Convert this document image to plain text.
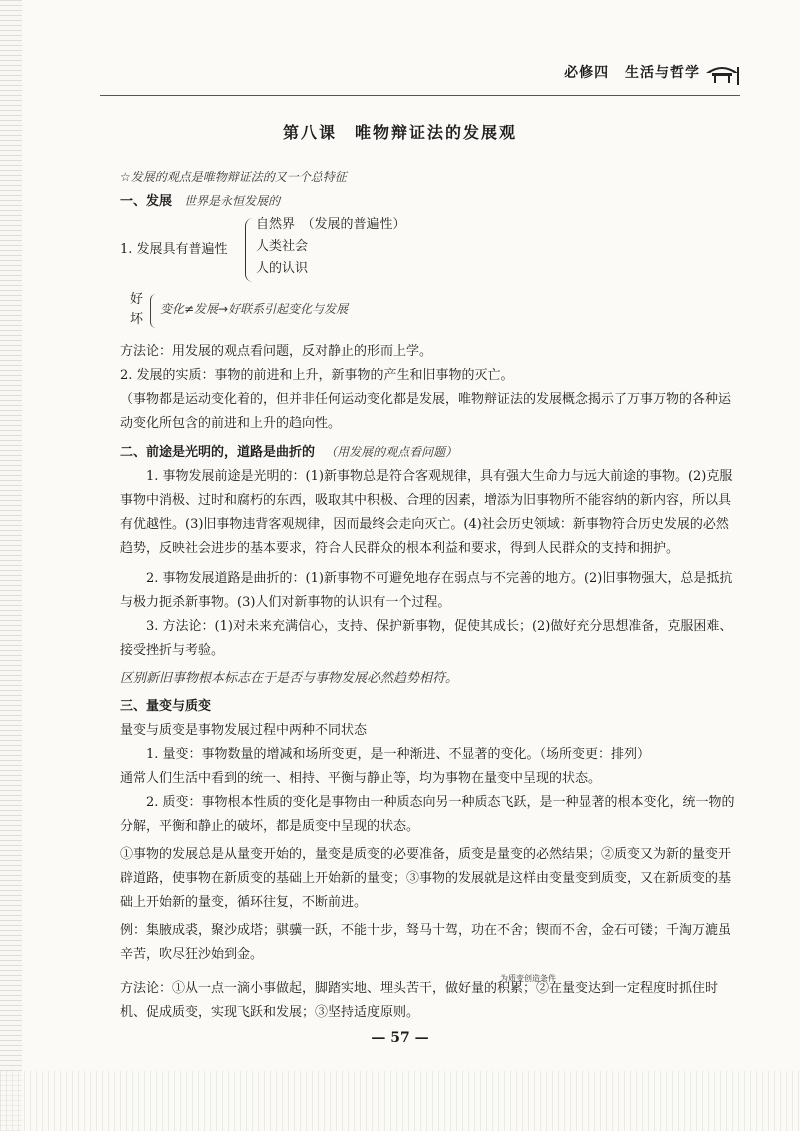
必修四 生活与哲学
第八课　唯物辩证法的发展观
☆发展的观点是唯物辩证法的又一个总特征
一、发展 世界是永恒发展的
1. 发展具有普遍性
自然界　（发展的普遍性）
人类社会
人的认识
好
坏
变化≠发展→好联系引起变化与发展
方法论：用发展的观点看问题，反对静止的形而上学。
2. 发展的实质：事物的前进和上升，新事物的产生和旧事物的灭亡。
（事物都是运动变化着的，但并非任何运动变化都是发展，唯物辩证法的发展概念揭示了万事万物的各种运动变化所包含的前进和上升的趋向性。
二、前途是光明的，道路是曲折的 （用发展的观点看问题）
1. 事物发展前途是光明的：(1)新事物总是符合客观规律，具有强大生命力与远大前途的事物。(2)克服事物中消极、过时和腐朽的东西，吸取其中积极、合理的因素，增添为旧事物所不能容纳的新内容，所以具有优越性。(3)旧事物违背客观规律，因而最终会走向灭亡。(4)社会历史领域：新事物符合历史发展的必然趋势，反映社会进步的基本要求，符合人民群众的根本利益和要求，得到人民群众的支持和拥护。
2. 事物发展道路是曲折的：(1)新事物不可避免地存在弱点与不完善的地方。(2)旧事物强大，总是抵抗与极力扼杀新事物。(3)人们对新事物的认识有一个过程。
3. 方法论：(1)对未来充满信心，支持、保护新事物，促使其成长；(2)做好充分思想准备，克服困难、接受挫折与考验。
区别新旧事物根本标志在于是否与事物发展必然趋势相符。
三、量变与质变
量变与质变是事物发展过程中两种不同状态
1. 量变：事物数量的增减和场所变更，是一种渐进、不显著的变化。（场所变更：排列）
通常人们生活中看到的统一、相持、平衡与静止等，均为事物在量变中呈现的状态。
2. 质变：事物根本性质的变化是事物由一种质态向另一种质态飞跃，是一种显著的根本变化，统一物的分解，平衡和静止的破坏，都是质变中呈现的状态。
①事物的发展总是从量变开始的，量变是质变的必要准备，质变是量变的必然结果；②质变又为新的量变开辟道路，使事物在新质变的基础上开始新的量变；③事物的发展就是这样由变量变到质变，又在新质变的基础上开始新的量变，循环往复，不断前进。
例：集腋成裘，聚沙成塔；骐骥一跃，不能十步，驽马十驾，功在不舍；锲而不舍，金石可镂；千淘万漉虽辛苦，吹尽狂沙始到金。
为质变创造条件
方法论：①从一点一滴小事做起，脚踏实地、埋头苦干，做好量的积累；②在量变达到一定程度时抓住时机、促成质变，实现飞跃和发展；③坚持适度原则。
— 57 —
